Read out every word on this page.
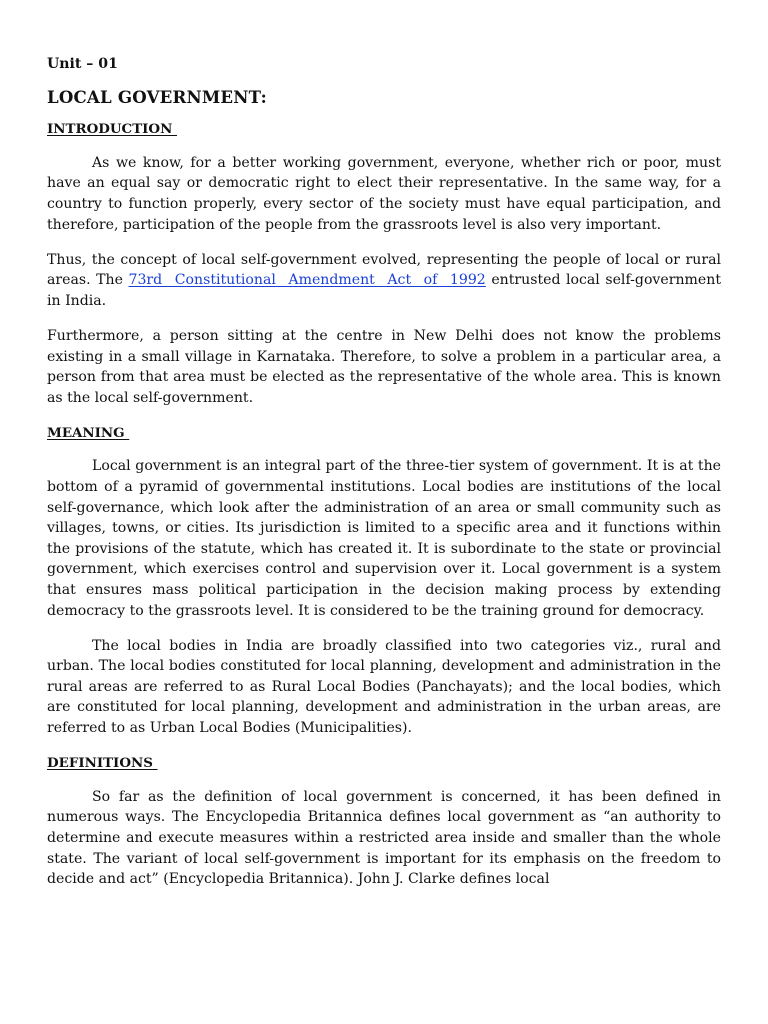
Unit – 01
LOCAL GOVERNMENT:
INTRODUCTION

As we know, for a better working government, everyone, whether rich or poor, must have an equal say or democratic right to elect their representative. In the same way, for a country to function properly, every sector of the society must have equal participation, and therefore, participation of the people from the grassroots level is also very important.

Thus, the concept of local self-government evolved, representing the people of local or rural areas. The 73rd Constitutional Amendment Act of 1992 entrusted local self-government in India.

Furthermore, a person sitting at the centre in New Delhi does not know the problems existing in a small village in Karnataka. Therefore, to solve a problem in a particular area, a person from that area must be elected as the representative of the whole area. This is known as the local self-government.

MEANING

Local government is an integral part of the three-tier system of government. It is at the bottom of a pyramid of governmental institutions. Local bodies are institutions of the local self-governance, which look after the administration of an area or small community such as villages, towns, or cities. Its jurisdiction is limited to a specific area and it functions within the provisions of the statute, which has created it. It is subordinate to the state or provincial government, which exercises control and supervision over it. Local government is a system that ensures mass political participation in the decision making process by extending democracy to the grassroots level. It is considered to be the training ground for democracy.

The local bodies in India are broadly classified into two categories viz., rural and urban. The local bodies constituted for local planning, development and administration in the rural areas are referred to as Rural Local Bodies (Panchayats); and the local bodies, which are constituted for local planning, development and administration in the urban areas, are referred to as Urban Local Bodies (Municipalities).

DEFINITIONS

So far as the definition of local government is concerned, it has been defined in numerous ways. The Encyclopedia Britannica defines local government as “an authority to determine and execute measures within a restricted area inside and smaller than the whole state. The variant of local self-government is important for its emphasis on the freedom to decide and act” (Encyclopedia Britannica). John J. Clarke defines local
